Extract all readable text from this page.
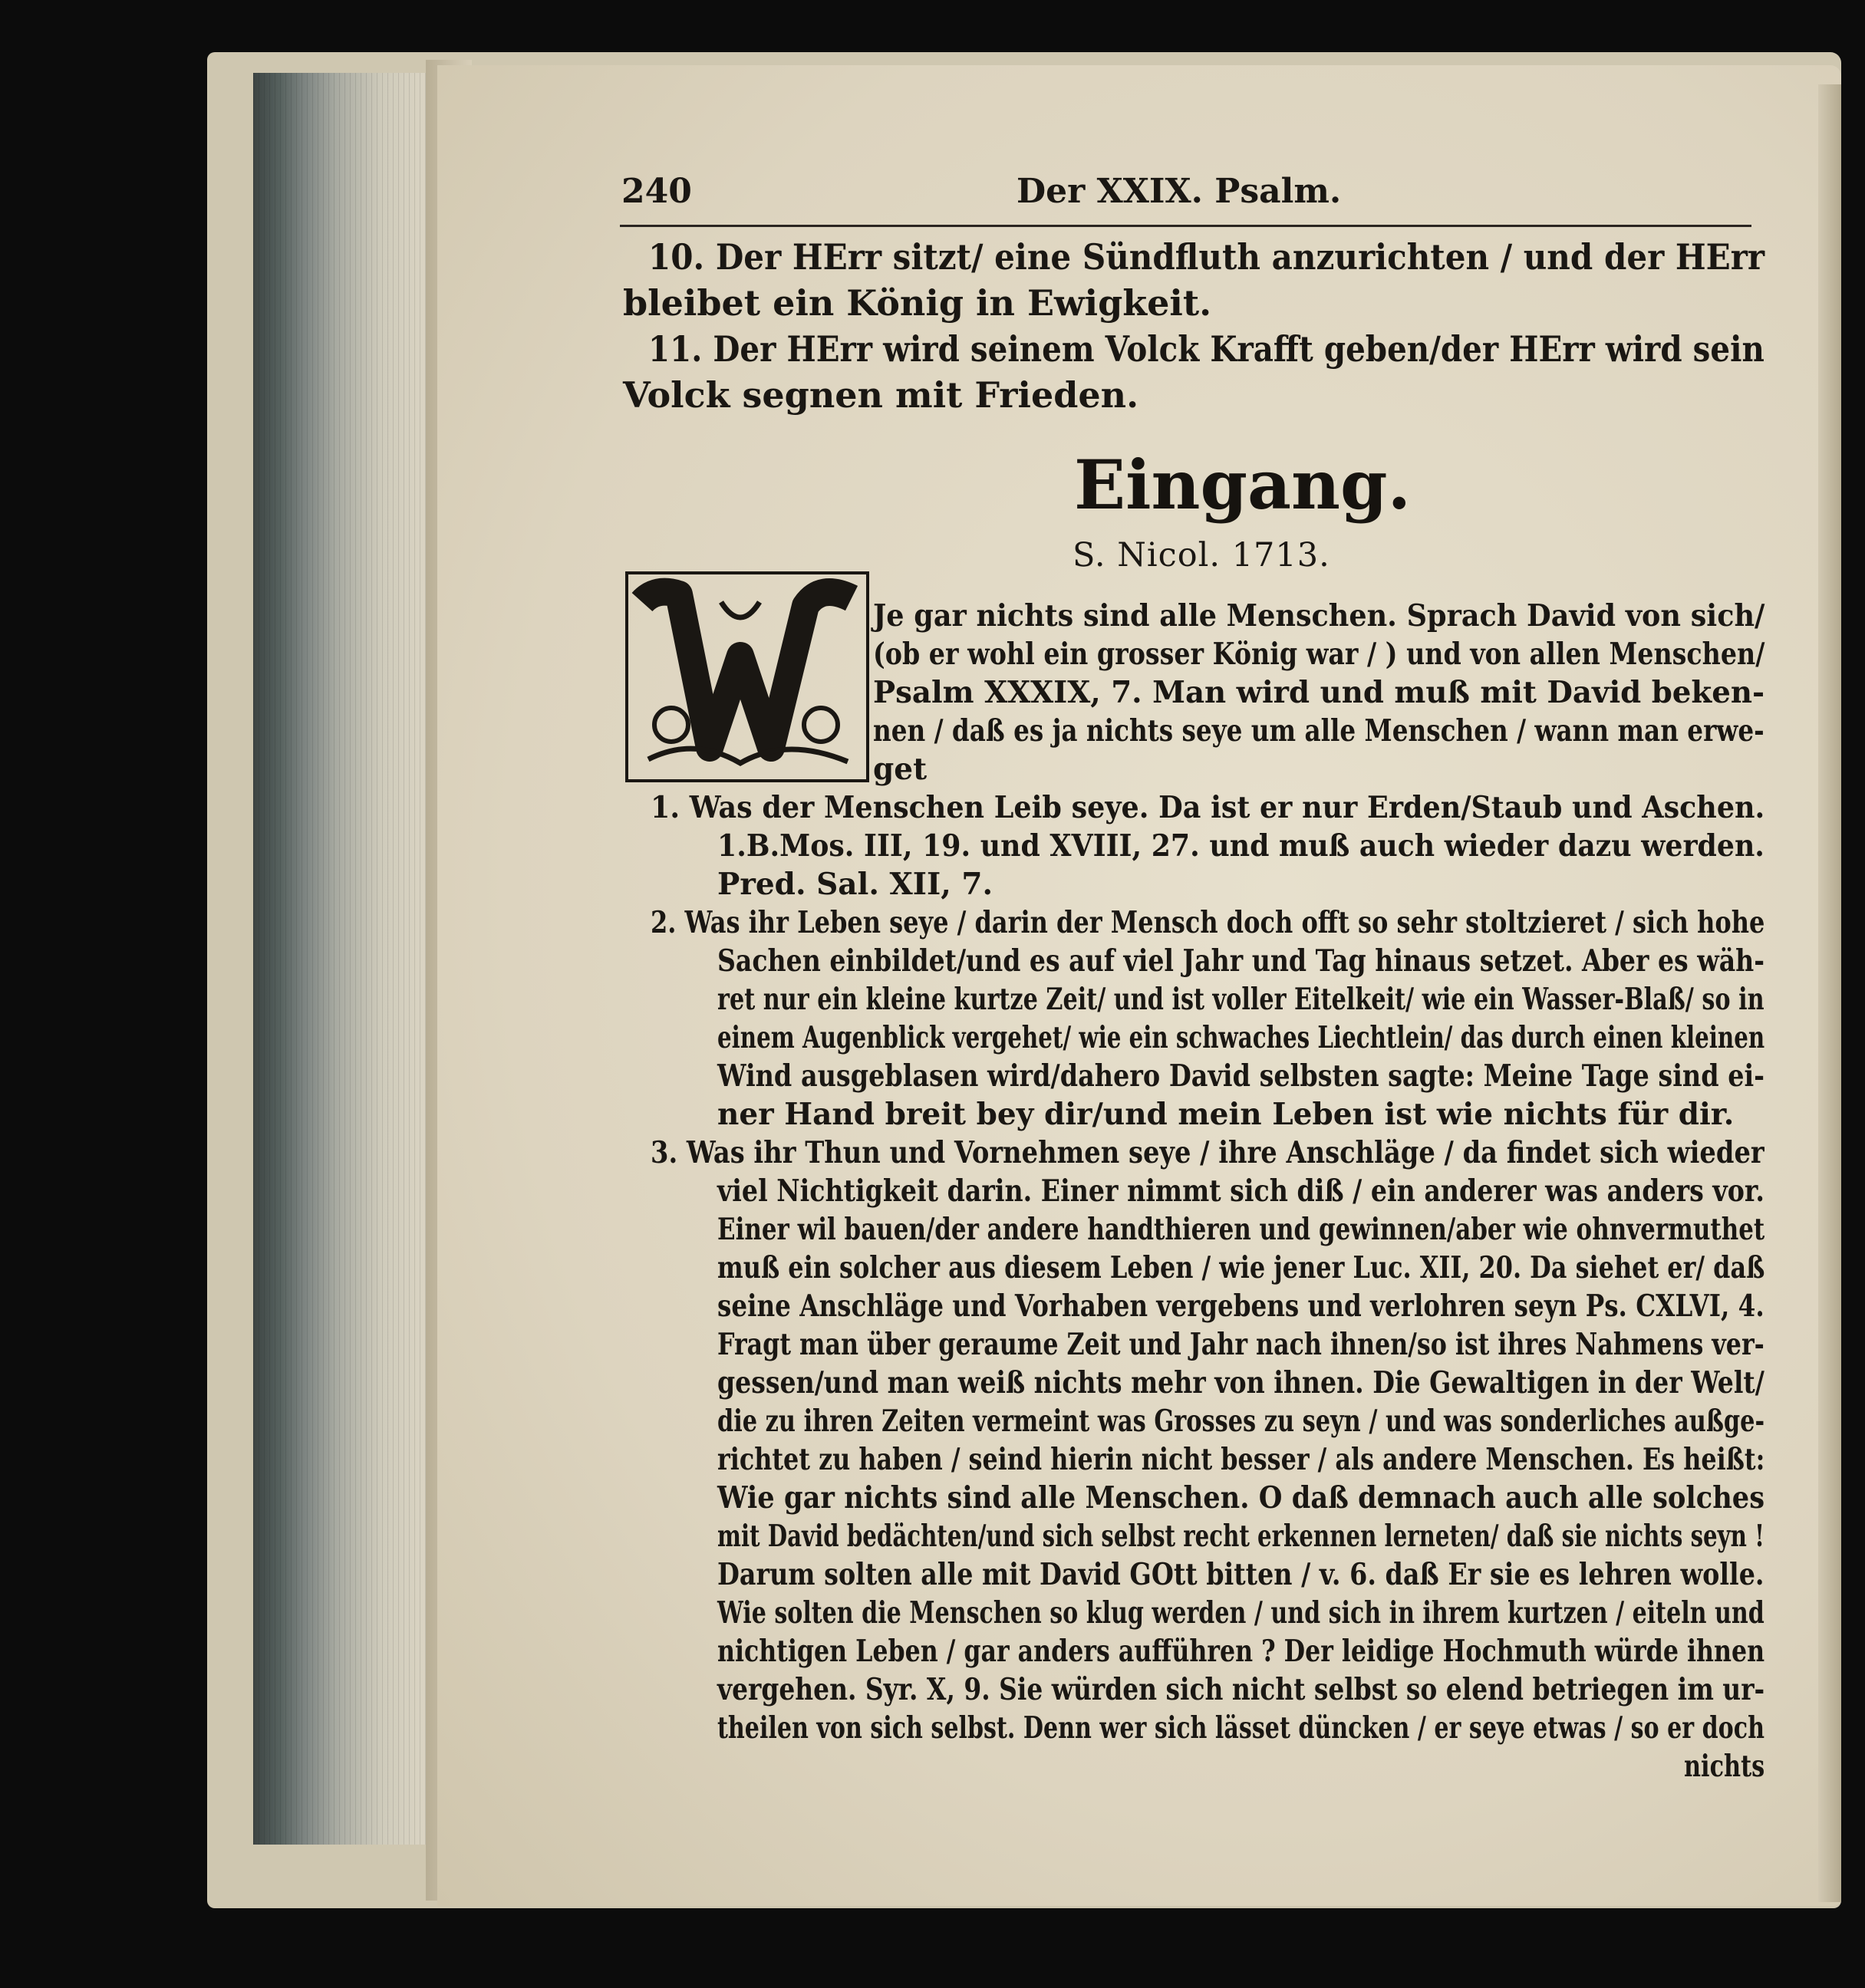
240	Der XXIX. Psalm.
10. Der HErr sitzt/ eine Sündfluth anzurichten / und der HErr
bleibet ein König in Ewigkeit.
11. Der HErr wird seinem Volck Krafft geben/der HErr wird sein
Volck segnen mit Frieden.
Eingang.
S. Nicol. 1713.
W
Je gar nichts sind alle Menschen. Sprach David von sich/
(ob er wohl ein grosser König war / ) und von allen Menschen/
Psalm XXXIX, 7. Man wird und muß mit David beken-
nen / daß es ja nichts seye um alle Menschen / wann man erwe-
get
1. Was der Menschen Leib seye. Da ist er nur Erden/Staub und Aschen.
1.B.Mos. III, 19. und XVIII, 27. und muß auch wieder dazu werden.
Pred. Sal. XII, 7.
2. Was ihr Leben seye / darin der Mensch doch offt so sehr stoltzieret / sich hohe
Sachen einbildet/und es auf viel Jahr und Tag hinaus setzet. Aber es wäh-
ret nur ein kleine kurtze Zeit/ und ist voller Eitelkeit/ wie ein Wasser-Blaß/ so in
einem Augenblick vergehet/ wie ein schwaches Liechtlein/ das durch einen kleinen
Wind ausgeblasen wird/dahero David selbsten sagte: Meine Tage sind ei-
ner Hand breit bey dir/und mein Leben ist wie nichts für dir.
3. Was ihr Thun und Vornehmen seye / ihre Anschläge / da findet sich wieder
viel Nichtigkeit darin. Einer nimmt sich diß / ein anderer was anders vor.
Einer wil bauen/der andere handthieren und gewinnen/aber wie ohnvermuthet
muß ein solcher aus diesem Leben / wie jener Luc. XII, 20. Da siehet er/ daß
seine Anschläge und Vorhaben vergebens und verlohren seyn Ps. CXLVI, 4.
Fragt man über geraume Zeit und Jahr nach ihnen/so ist ihres Nahmens ver-
gessen/und man weiß nichts mehr von ihnen. Die Gewaltigen in der Welt/
die zu ihren Zeiten vermeint was Grosses zu seyn / und was sonderliches außge-
richtet zu haben / seind hierin nicht besser / als andere Menschen. Es heißt:
Wie gar nichts sind alle Menschen. O daß demnach auch alle solches
mit David bedächten/und sich selbst recht erkennen lerneten/ daß sie nichts seyn !
Darum solten alle mit David GOtt bitten / v. 6. daß Er sie es lehren wolle.
Wie solten die Menschen so klug werden / und sich in ihrem kurtzen / eiteln und
nichtigen Leben / gar anders aufführen ? Der leidige Hochmuth würde ihnen
vergehen. Syr. X, 9. Sie würden sich nicht selbst so elend betriegen im ur-
theilen von sich selbst. Denn wer sich lässet düncken / er seye etwas / so er doch
nichts
